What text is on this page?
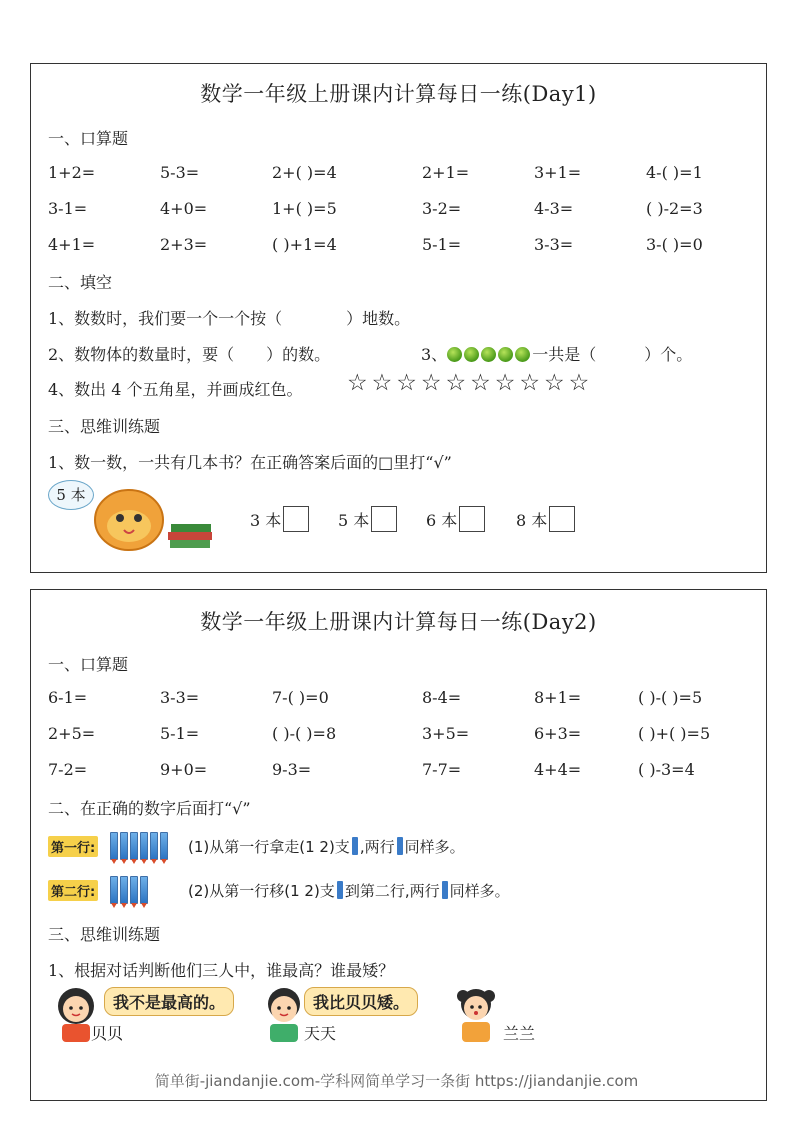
数学一年级上册课内计算每日一练(Day1)
一、口算题
1+2=	5-3=	2+( )=4	2+1=	3+1=	4-( )=1
3-1=	4+0=	1+( )=5	3-2=	4-3=	( )-2=3
4+1=	2+3=	( )+1=4	5-1=	3-3=	3-( )=0
二、填空
1、数数时，我们要一个一个按（　　　　）地数。
2、数物体的数量时，要（　　）的数。	3、	一共是（　　　）个。
4、数出 4 个五角星，并画成红色。 ☆☆☆☆☆☆☆☆☆☆
三、思维训练题
1、数一数，一共有几本书？在正确答案后面的□里打“√”
5 本
3 本	5 本	6 本	8 本
数学一年级上册课内计算每日一练(Day2)
一、口算题
6-1=	3-3=	7-( )=0	8-4=	8+1=	( )-( )=5
2+5=	5-1=	( )-( )=8	3+5=	6+3=	( )+( )=5
7-2=	9+0=	9-3=	7-7=	4+4=	( )-3=4
二、在正确的数字后面打“√”
第一行:	(1)从第一行拿走(1 2)支 ,两行 同样多。
第二行:	(2)从第一行移(1 2)支 到第二行,两行 同样多。
三、思维训练题
1、根据对话判断他们三人中，谁最高？谁最矮？
我不是最高的。
贝贝
我比贝贝矮。
天天	兰兰
简单街-jiandanjie.com-学科网简单学习一条街 https://jiandanjie.com
